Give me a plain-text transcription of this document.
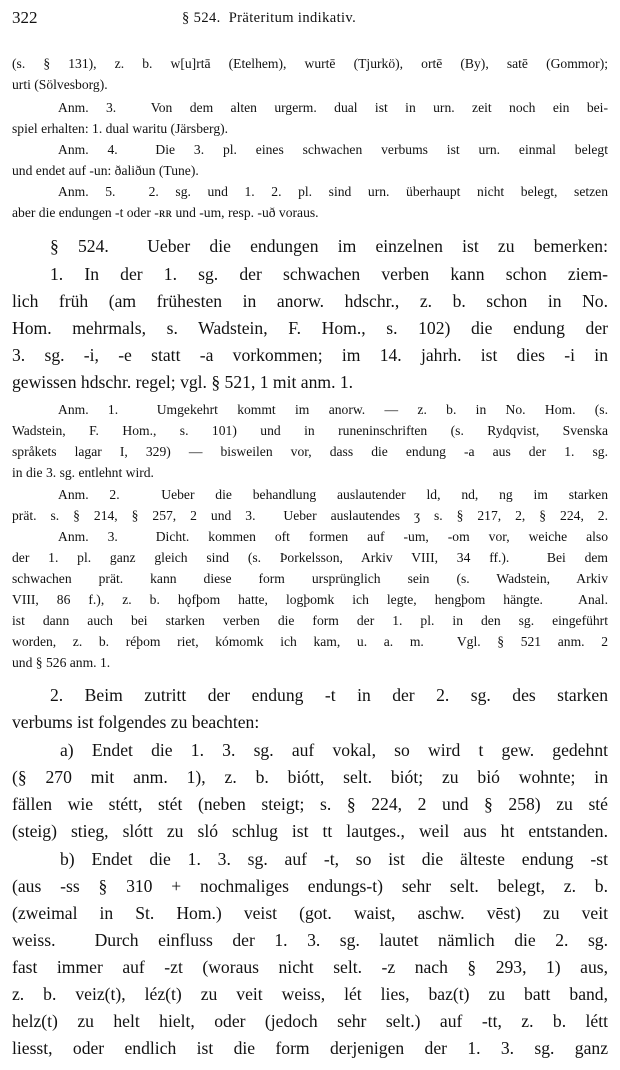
322	§ 524.  Präteritum indikativ.
(s. § 131), z. b. w[u]rtā (Etelhem), wurtē (Tjurkö), ortē (By), satē (Gommor);
urti (Sölvesborg).
Anm. 3.  Von dem alten urgerm. dual ist in urn. zeit noch ein bei-
spiel erhalten: 1. dual waritu (Järsberg).
Anm. 4.  Die 3. pl. eines schwachen verbums ist urn. einmal belegt
und endet auf -un: ðaliðun (Tune).
Anm. 5.  2. sg. und 1. 2. pl. sind urn. überhaupt nicht belegt, setzen
aber die endungen -t oder -ʀʀ und -um, resp. -uð voraus.
§ 524.  Ueber die endungen im einzelnen ist zu bemerken:
1. In der 1. sg. der schwachen verben kann schon ziem-
lich früh (am frühesten in anorw. hdschr., z. b. schon in No.
Hom. mehrmals, s. Wadstein, F. Hom., s. 102) die endung der
3. sg. -i, -e statt -a vorkommen; im 14. jahrh. ist dies -i in
gewissen hdschr. regel; vgl. § 521, 1 mit anm. 1.
Anm. 1.  Umgekehrt kommt im anorw. — z. b. in No. Hom. (s.
Wadstein, F. Hom., s. 101) und in runeninschriften (s. Rydqvist, Svenska
språkets lagar I, 329) — bisweilen vor, dass die endung -a aus der 1. sg.
in die 3. sg. entlehnt wird.
Anm. 2.  Ueber die behandlung auslautender ld, nd, ng im starken
prät. s. § 214, § 257, 2 und 3.  Ueber auslautendes ʒ s. § 217, 2, § 224, 2.
Anm. 3.  Dicht. kommen oft formen auf -um, -om vor, weiche also
der 1. pl. ganz gleich sind (s. Þorkelsson, Arkiv VIII, 34 ff.).  Bei dem
schwachen prät. kann diese form ursprünglich sein (s. Wadstein, Arkiv
VIII, 86 f.), z. b. hǫfþom hatte, logþomk ich legte, hengþom hängte.  Anal.
ist dann auch bei starken verben die form der 1. pl. in den sg. eingeführt
worden, z. b. réþom riet, kómomk ich kam, u. a. m.  Vgl. § 521 anm. 2
und § 526 anm. 1.
2. Beim zutritt der endung -t in der 2. sg. des starken
verbums ist folgendes zu beachten:
a) Endet die 1. 3. sg. auf vokal, so wird t gew. gedehnt
(§ 270 mit anm. 1), z. b. biótt, selt. biót; zu bió wohnte; in
fällen wie stétt, stét (neben steigt; s. § 224, 2 und § 258) zu sté
(steig) stieg, slótt zu sló schlug ist tt lautges., weil aus ht entstanden.
b) Endet die 1. 3. sg. auf -t, so ist die älteste endung -st
(aus -ss § 310 + nochmaliges endungs-t) sehr selt. belegt, z. b.
(zweimal in St. Hom.) veist (got. waist, aschw. vēst) zu veit
weiss.  Durch einfluss der 1. 3. sg. lautet nämlich die 2. sg.
fast immer auf -zt (woraus nicht selt. -z nach § 293, 1) aus,
z. b. veiz(t), léz(t) zu veit weiss, lét lies, baz(t) zu batt band,
helz(t) zu helt hielt, oder (jedoch sehr selt.) auf -tt, z. b. létt
liesst, oder endlich ist die form derjenigen der 1. 3. sg. ganz
